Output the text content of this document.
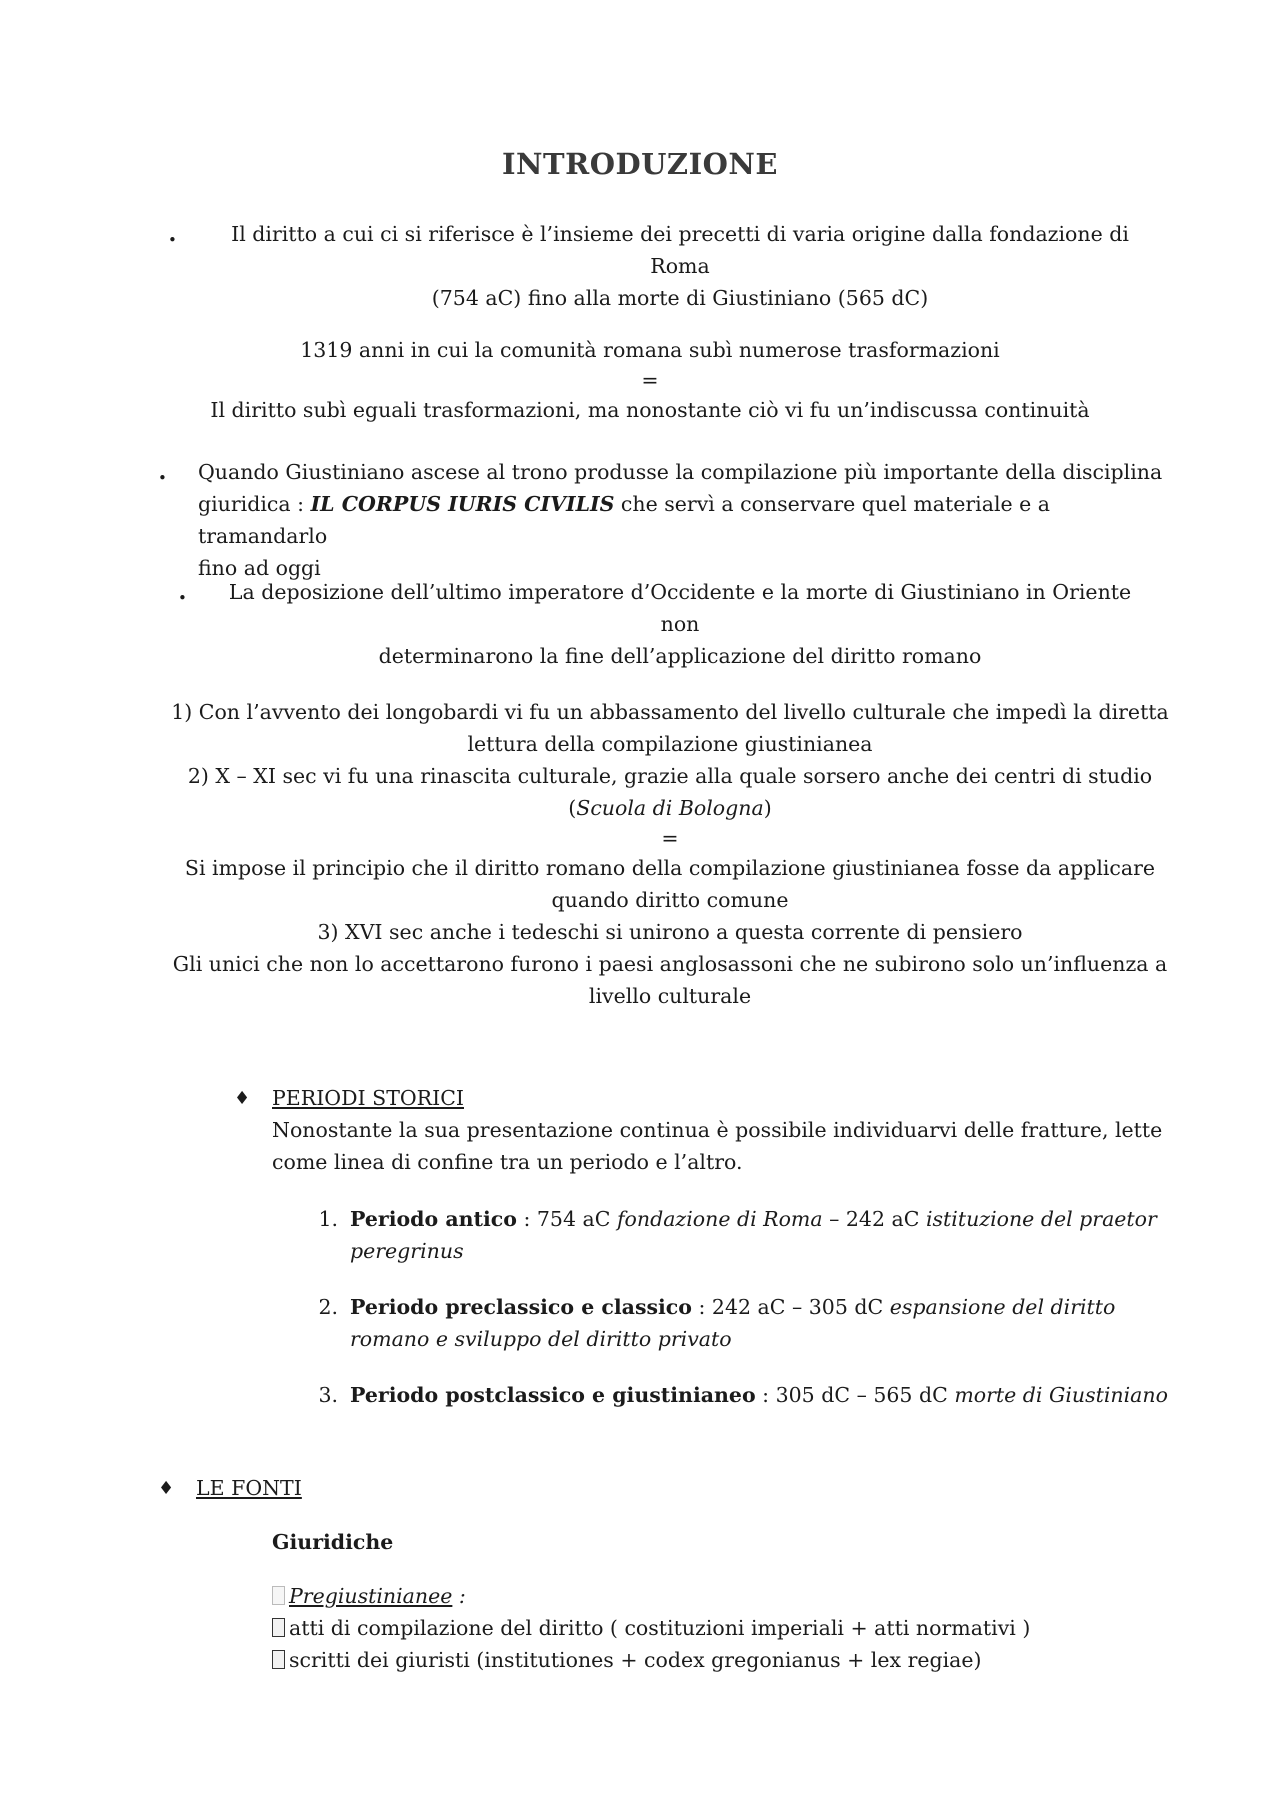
INTRODUZIONE
•	Il diritto a cui ci si riferisce è l’insieme dei precetti di varia origine dalla fondazione di Roma
(754 aC) fino alla morte di Giustiniano (565 dC)
1319 anni in cui la comunità romana subì numerose trasformazioni
=
Il diritto subì eguali trasformazioni, ma nonostante ciò vi fu un’indiscussa continuità
• Quando Giustiniano ascese al trono produsse la compilazione più importante della disciplina
giuridica : IL CORPUS IURIS CIVILIS che servì a conservare quel materiale e a tramandarlo
fino ad oggi
•	La deposizione dell’ultimo imperatore d’Occidente e la morte di Giustiniano in Oriente non
determinarono la fine dell’applicazione del diritto romano
1) Con l’avvento dei longobardi vi fu un abbassamento del livello culturale che impedì la diretta
lettura della compilazione giustinianea
2) X – XI sec vi fu una rinascita culturale, grazie alla quale sorsero anche dei centri di studio
(Scuola di Bologna)
=
Si impose il principio che il diritto romano della compilazione giustinianea fosse da applicare
quando diritto comune
3) XVI sec anche i tedeschi si unirono a questa corrente di pensiero
Gli unici che non lo accettarono furono i paesi anglosassoni che ne subirono solo un’influenza a
livello culturale
♦ PERIODI STORICI
Nonostante la sua presentazione continua è possibile individuarvi delle fratture, lette
come linea di confine tra un periodo e l’altro.
1. Periodo antico : 754 aC fondazione di Roma – 242 aC istituzione del praetor
peregrinus
2. Periodo preclassico e classico : 242 aC – 305 dC espansione del diritto
romano e sviluppo del diritto privato
3. Periodo postclassico e giustinianeo : 305 dC – 565 dC morte di Giustiniano
♦ LE FONTI
Giuridiche
Pregiustinianee :
atti di compilazione del diritto ( costituzioni imperiali + atti normativi )
scritti dei giuristi (institutiones + codex gregonianus + lex regiae)
